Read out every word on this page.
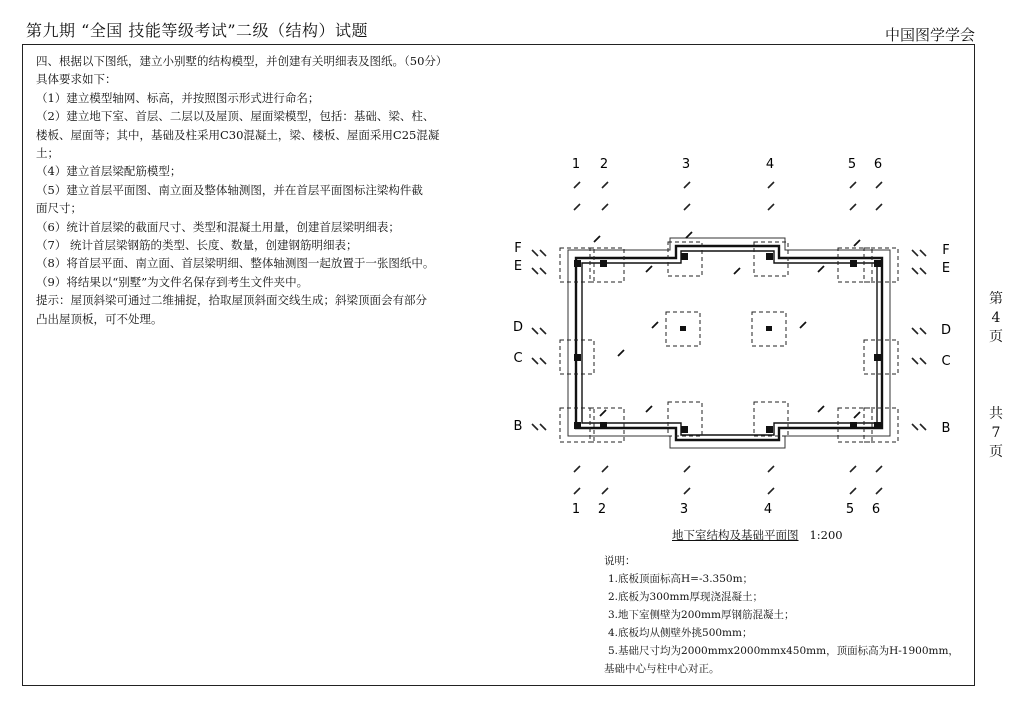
第九期 “全国 技能等级考试”二级（结构）试题	中国图学学会
四、根据以下图纸，建立小别墅的结构模型，并创建有关明细表及图纸。（50分）
具体要求如下：
（1）建立模型轴网、标高，并按照图示形式进行命名；
（2）建立地下室、首层、二层以及屋顶、屋面梁模型，包括：基础、梁、柱、
楼板、屋面等；其中，基础及柱采用C30混凝土，梁、楼板、屋面采用C25混凝
土；
（4）建立首层梁配筋模型；
（5）建立首层平面图、南立面及整体轴测图，并在首层平面图标注梁构件截
面尺寸；
（6）统计首层梁的截面尺寸、类型和混凝土用量，创建首层梁明细表；
（7） 统计首层梁钢筋的类型、长度、数量，创建钢筋明细表；
（8）将首层平面、南立面、首层梁明细、整体轴测图一起放置于一张图纸中。
（9）将结果以“别墅”为文件名保存到考生文件夹中。
提示：屋顶斜梁可通过二维捕捉，拾取屋顶斜面交线生成；斜梁顶面会有部分
凸出屋顶板，可不处理。
第
4
页
共
7
页
1 2	3	4	5 6
1 2	3	4	5 6
F
E
D
C
B
F
E
D
C
B
地下室结构及基础平面图 1:200
说明：
1.底板顶面标高H=-3.350m；
2.底板为300mm厚现浇混凝土；
3.地下室侧壁为200mm厚钢筋混凝土；
4.底板均从侧壁外挑500mm；
5.基础尺寸均为2000mmx2000mmx450mm，顶面标高为H-1900mm，
基础中心与柱中心对正。
